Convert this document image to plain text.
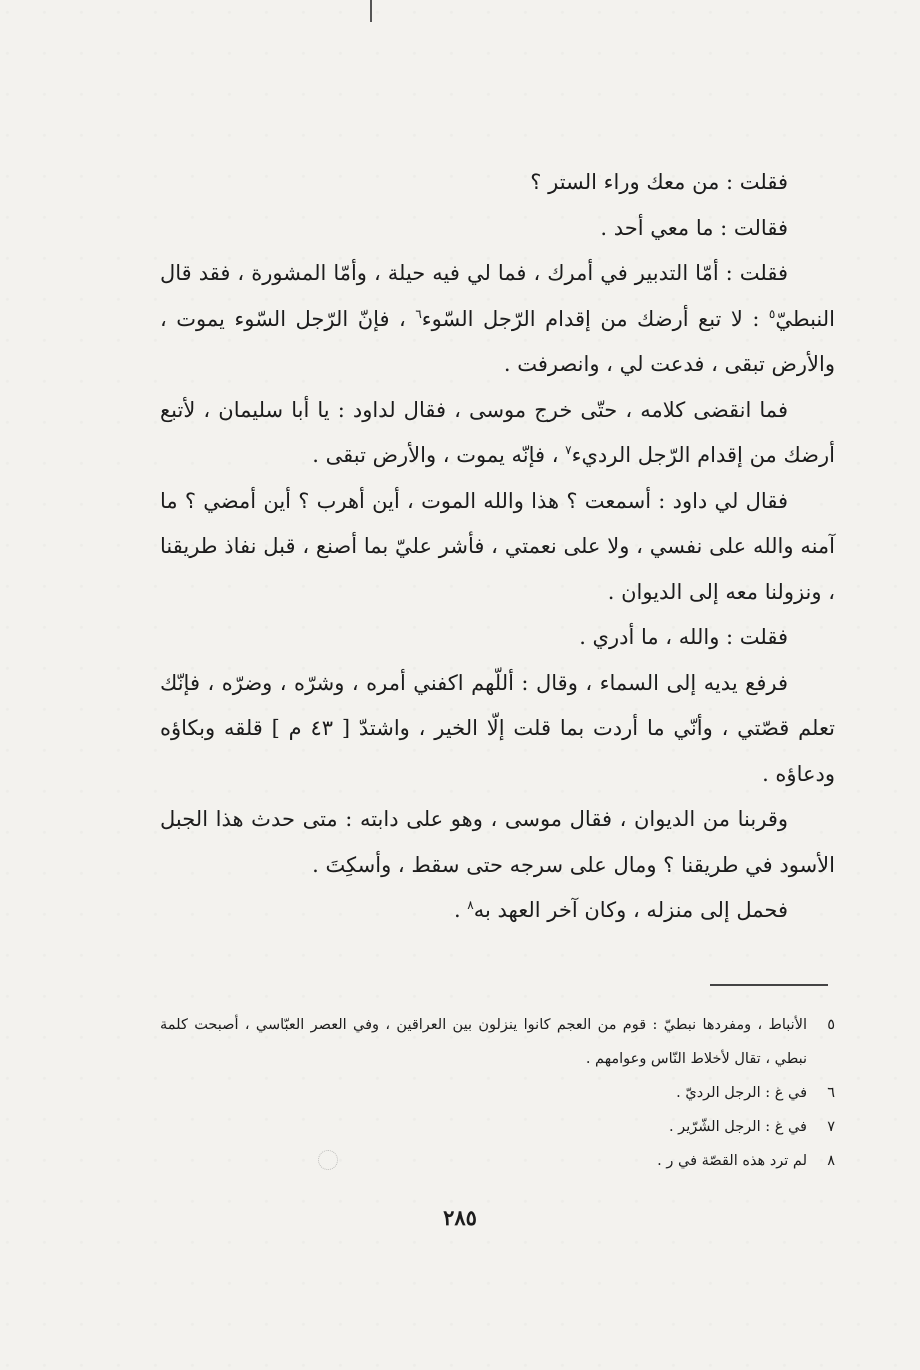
فقلت : من معك وراء الستر ؟

فقالت : ما معي أحد .

فقلت : أمّا التدبير في أمرك ، فما لي فيه حيلة ، وأمّا المشورة ، فقد قال النبطيّ$^٥$ : لا تبع أرضك من إقدام الرّجل السّوء$^٦$ ، فإنّ الرّجل السّوء يموت ، والأرض تبقى ، فدعت لي ، وانصرفت .

فما انقضى كلامه ، حتّى خرج موسى ، فقال لداود : يا أبا سليمان ، لأتبع أرضك من إقدام الرّجل الرديء$^٧$ ، فإنّه يموت ، والأرض تبقى .

فقال لي داود : أسمعت ؟ هذا والله الموت ، أين أهرب ؟ أين أمضي ؟ ما آمنه والله على نفسي ، ولا على نعمتي ، فأشر عليّ بما أصنع ، قبل نفاذ طريقنا ، ونزولنا معه إلى الديوان .

فقلت : والله ، ما أدري .

فرفع يديه إلى السماء ، وقال : أللّهم اكفني أمره ، وشرّه ، وضرّه ، فإنّك تعلم قصّتي ، وأنّي ما أردت بما قلت إلّا الخير ، واشتدّ [ ٤٣ م ] قلقه وبكاؤه ودعاؤه .

وقربنا من الديوان ، فقال موسى ، وهو على دابته : متى حدث هذا الجبل الأسود في طريقنا ؟ ومال على سرجه حتى سقط ، وأسكِتَ .

فحمل إلى منزله ، وكان آخر العهد به$^٨$ .

٥
الأنباط ، ومفردها نبطيّ : قوم من العجم كانوا ينزلون بين العراقين ، وفي العصر العبّاسي ، أصبحت كلمة نبطي ، تقال لأخلاط النّاس وعوامهم .
٦
في غ : الرجل الرديّ .
٧
في غ : الرجل الشّرّير .
٨
لم ترد هذه القصّة في ر .
٢٨٥
